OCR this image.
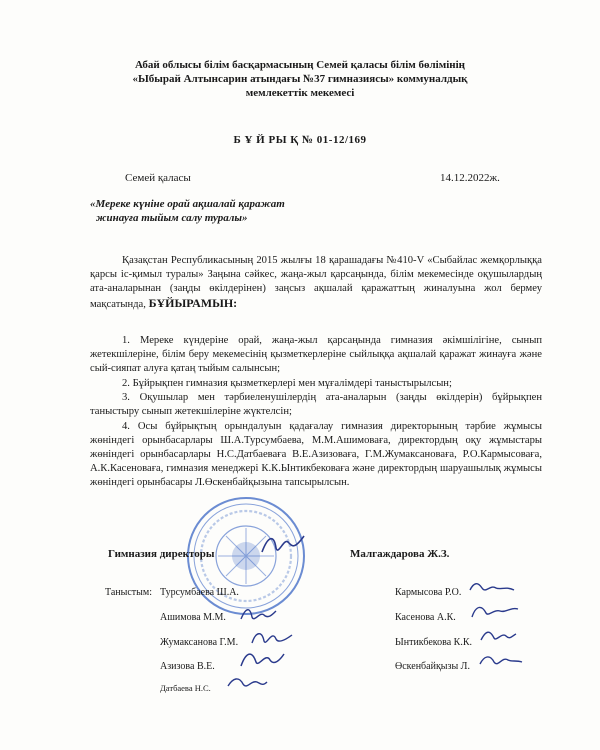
Абай облысы білім басқармасының Семей қаласы білім бөлімінің
«Ыбырай Алтынсарин атындағы №37 гимназиясы» коммуналдық
мемлекеттік мекемесі
Б Ұ Й РЫ Қ № 01-12/169
Семей қаласы	14.12.2022ж.
«Мереке күніне орай ақшалай қаражат
жинауға тыйым салу туралы»
Қазақстан Республикасының 2015 жылғы 18 қарашадағы №410-V «Сыбайлас жемқорлыққа қарсы іс-қимыл туралы» Заңына сәйкес, жаңа-жыл қарсаңында, білім мекемесінде оқушылардың ата-аналарынан (заңды өкілдерінен) заңсыз ақшалай қаражаттың жиналуына жол бермеу мақсатында, БҰЙЫРАМЫН:
1. Мереке күндеріне орай, жаңа-жыл қарсаңында гимназия әкімшілігіне, сынып жетекшілеріне, білім беру мекемесінің қызметкерлеріне сыйлыққа ақшалай қаражат жинауға және сый-сияпат алуға қатаң тыйым салынсын;
2. Бұйрықпен гимназия қызметкерлері мен мұғалімдері таныстырылсын;
3. Оқушылар мен тәрбиеленушілердің ата-аналарын (заңды өкілдерін) бұйрықпен таныстыру сынып жетекшілеріне жүктелсін;
4. Осы бұйрықтың орындалуын қадағалау гимназия директорының тәрбие жұмысы жөніндегі орынбасарлары Ш.А.Турсумбаева, М.М.Ашимоваға, директордың оқу жұмыстары жөніндегі орынбасарлары Н.С.Датбаеваға В.Е.Азизоваға, Г.М.Жумаксановаға, Р.О.Кармысоваға, А.К.Касеноваға, гимназия менеджері К.К.Ынтикбековаға және директордың шаруашылық жұмысы жөніндегі орынбасары Л.Өскенбайқызына тапсырылсын.
Гимназия директоры	Малгаждарова Ж.З.
Таныстым: Турсумбаева Ш.А.
Ашимова М.М.
Жумаксанова Г.М.
Азизова В.Е.
Датбаева Н.С.
Кармысова Р.О.
Касенова А.К.
Ынтикбекова К.К.
Өскенбайқызы Л.
